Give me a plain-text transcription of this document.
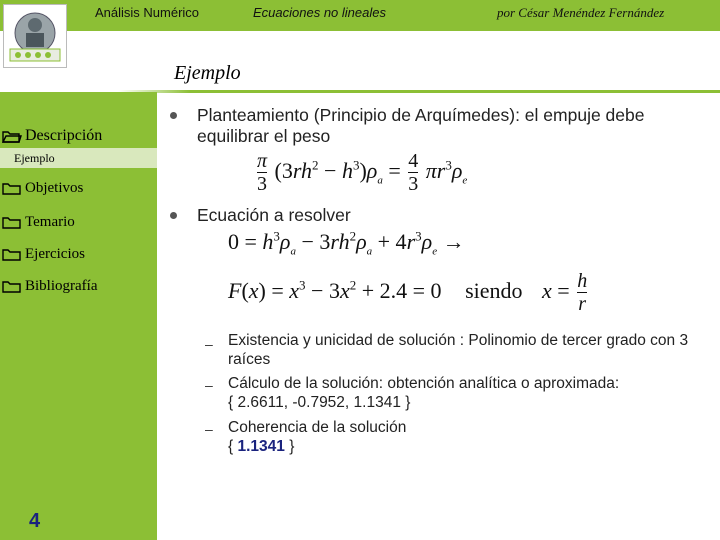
Análisis Numérico	Ecuaciones no lineales	por César Menéndez Fernández
Ejemplo
Descripción
Ejemplo
Objetivos
Temario
Ejercicios
Bibliografía
4
Planteamiento (Principio de Arquímedes): el empuje debe equilibrar el peso
$\frac{\pi}{3} (3rh^2 - h^3)\rho_a = \frac{4}{3} \pi r^3\rho_e$
Ecuación a resolver
$0 = h^3\rho_a - 3rh^2\rho_a + 4r^3\rho_e$ →
$F(x) = x^3 - 3x^2 + 2.4 = 0$ siendo $x = \frac{h}{r}$
– Existencia y unicidad de solución : Polinomio de tercer grado con 3 raíces
– Cálculo de la solución: obtención analítica o aproximada:
{ 2.6611, -0.7952, 1.1341 }
– Coherencia de la solución
{ 1.1341 }
